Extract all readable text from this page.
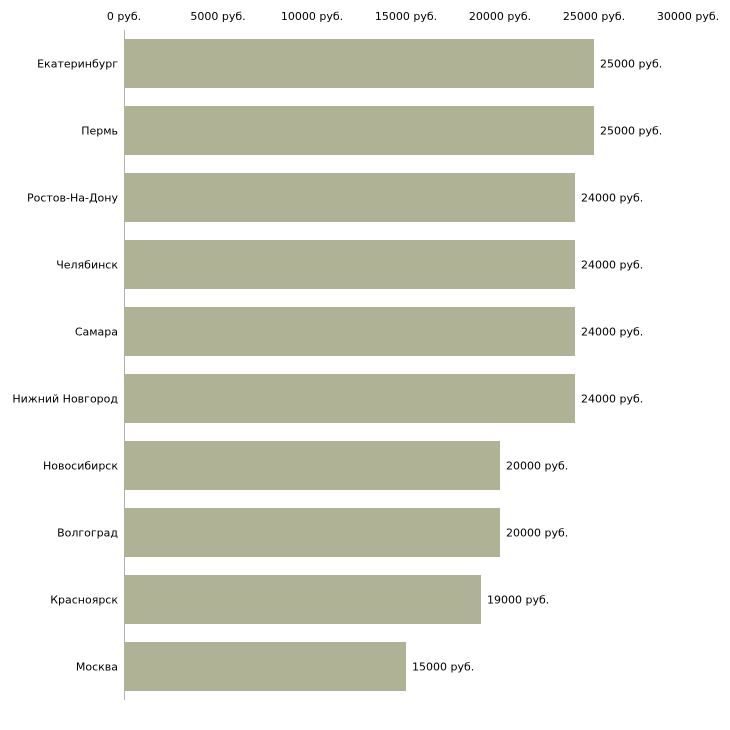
0 руб.	5000 руб.	10000 руб.	15000 руб.	20000 руб.	25000 руб.	30000 руб.
Екатеринбург	25000 руб.
Пермь	25000 руб.
Ростов-На-Дону	24000 руб.
Челябинск	24000 руб.
Самара	24000 руб.
Нижний Новгород	24000 руб.
Новосибирск	20000 руб.
Волгоград	20000 руб.
Красноярск	19000 руб.
Москва	15000 руб.
